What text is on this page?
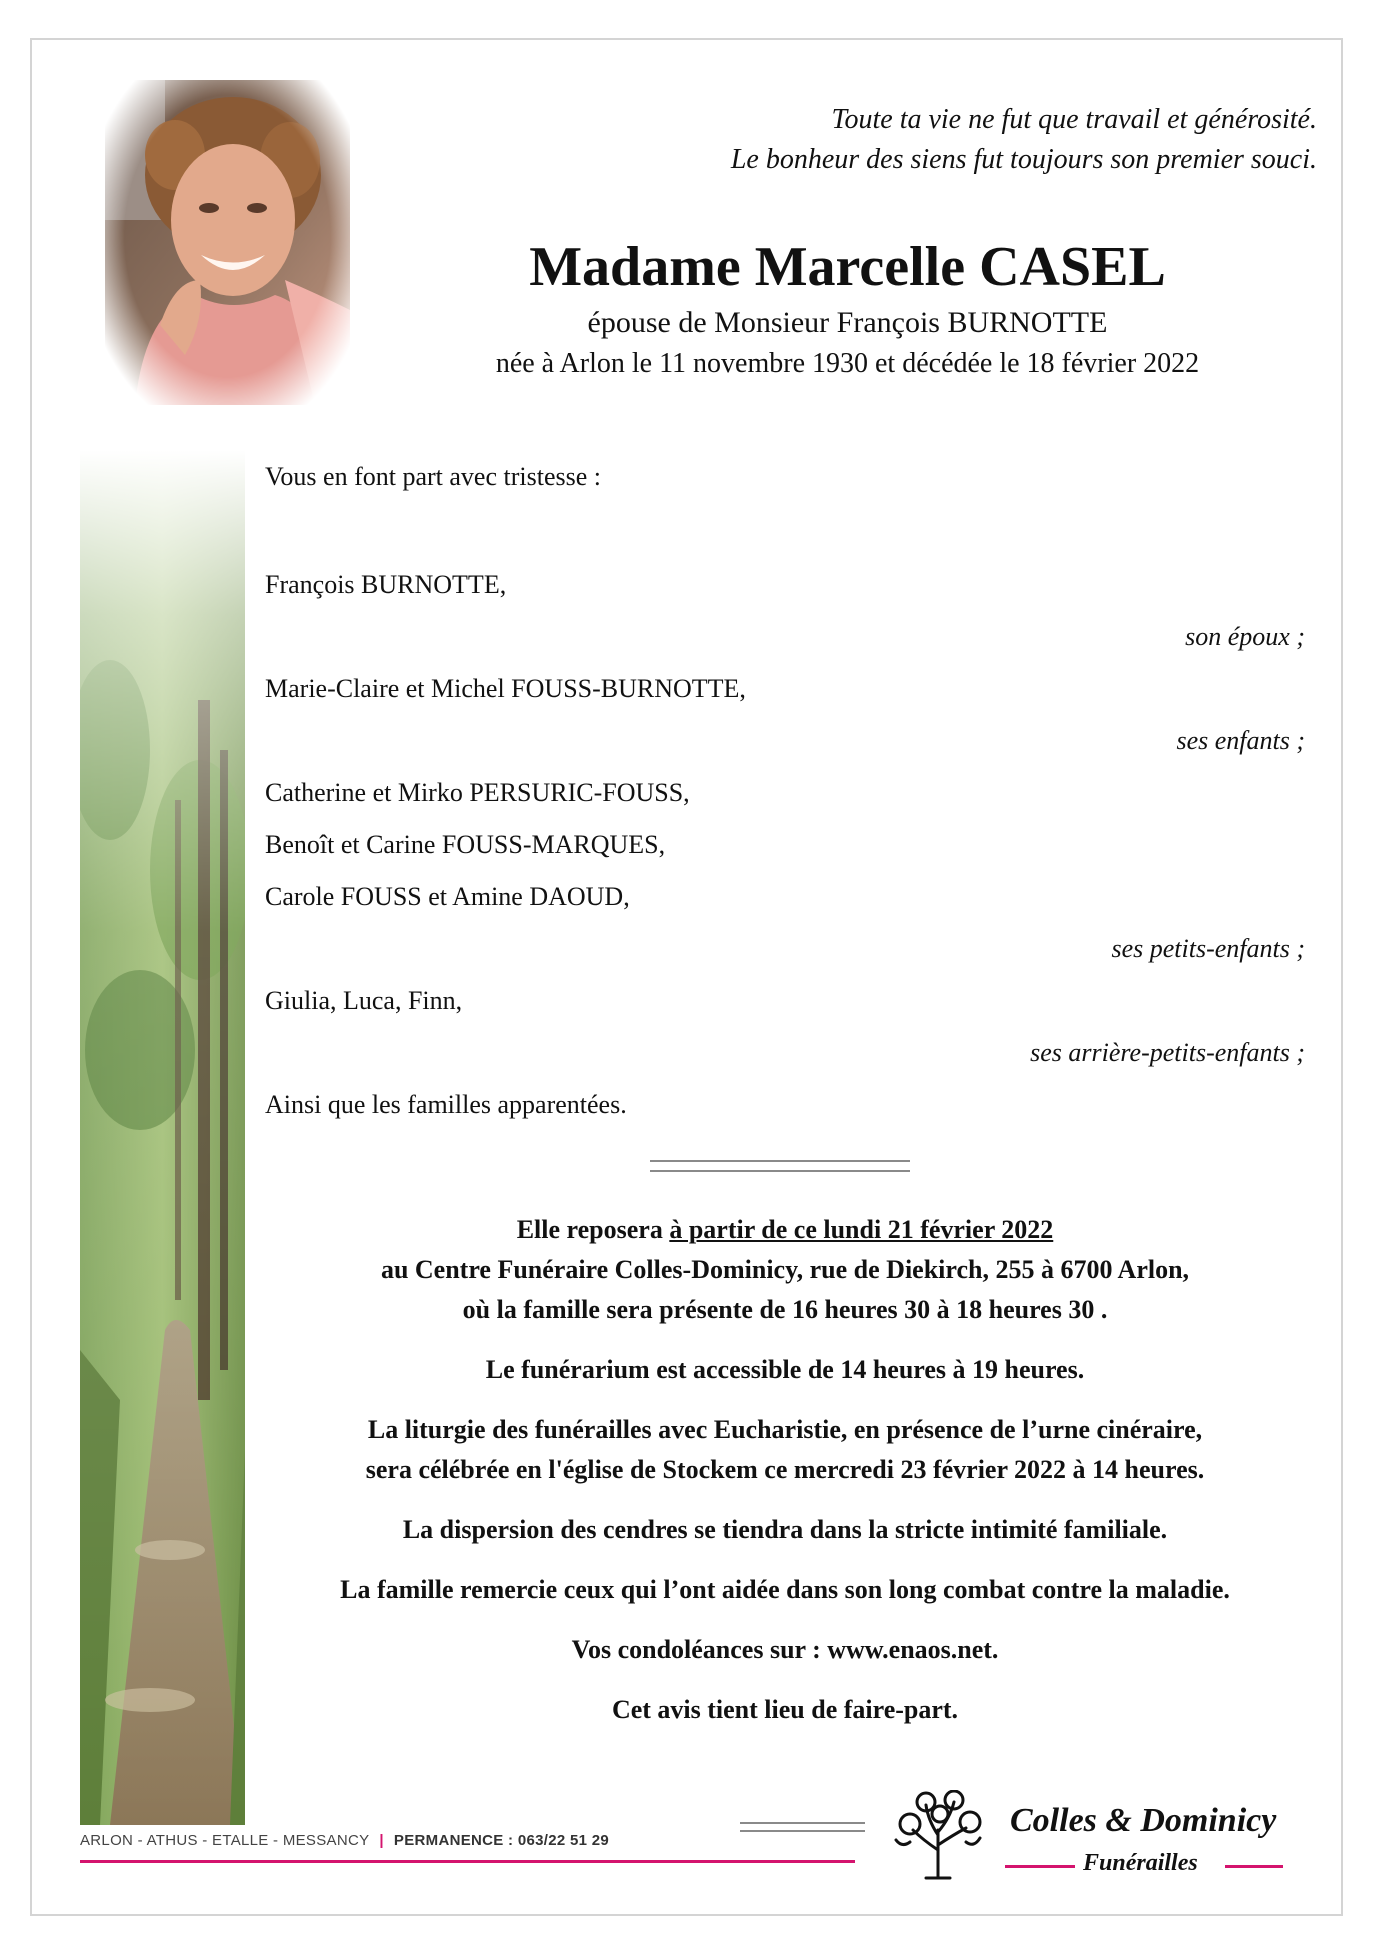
Toute ta vie ne fut que travail et générosité.
Le bonheur des siens fut toujours son premier souci.
Madame Marcelle CASEL
épouse de Monsieur François BURNOTTE
née à Arlon le 11 novembre 1930 et décédée le 18 février 2022
Vous en font part avec tristesse :
François BURNOTTE,
son époux ;
Marie-Claire et Michel FOUSS-BURNOTTE,
ses enfants ;
Catherine et Mirko PERSURIC-FOUSS,
Benoît et Carine FOUSS-MARQUES,
Carole FOUSS et Amine DAOUD,
ses petits-enfants ;
Giulia, Luca, Finn,
ses arrière-petits-enfants ;
Ainsi que les familles apparentées.

Elle reposera à partir de ce lundi 21 février 2022

au Centre Funéraire Colles-Dominicy, rue de Diekirch, 255 à 6700 Arlon,

où la famille sera présente de 16 heures 30 à 18 heures 30 .

Le funérarium est accessible de 14 heures à 19 heures.

La liturgie des funérailles avec Eucharistie, en présence de l’urne cinéraire,

sera célébrée en l'église de Stockem ce mercredi 23 février 2022 à 14 heures.

La dispersion des cendres se tiendra dans la stricte intimité familiale.

La famille remercie ceux qui l’ont aidée dans son long combat contre la maladie.

Vos condoléances sur : www.enaos.net.

Cet avis tient lieu de faire-part.

ARLON - ATHUS - ETALLE - MESSANCY | PERMANENCE : 063/22 51 29
Colles & Dominicy
Funérailles
